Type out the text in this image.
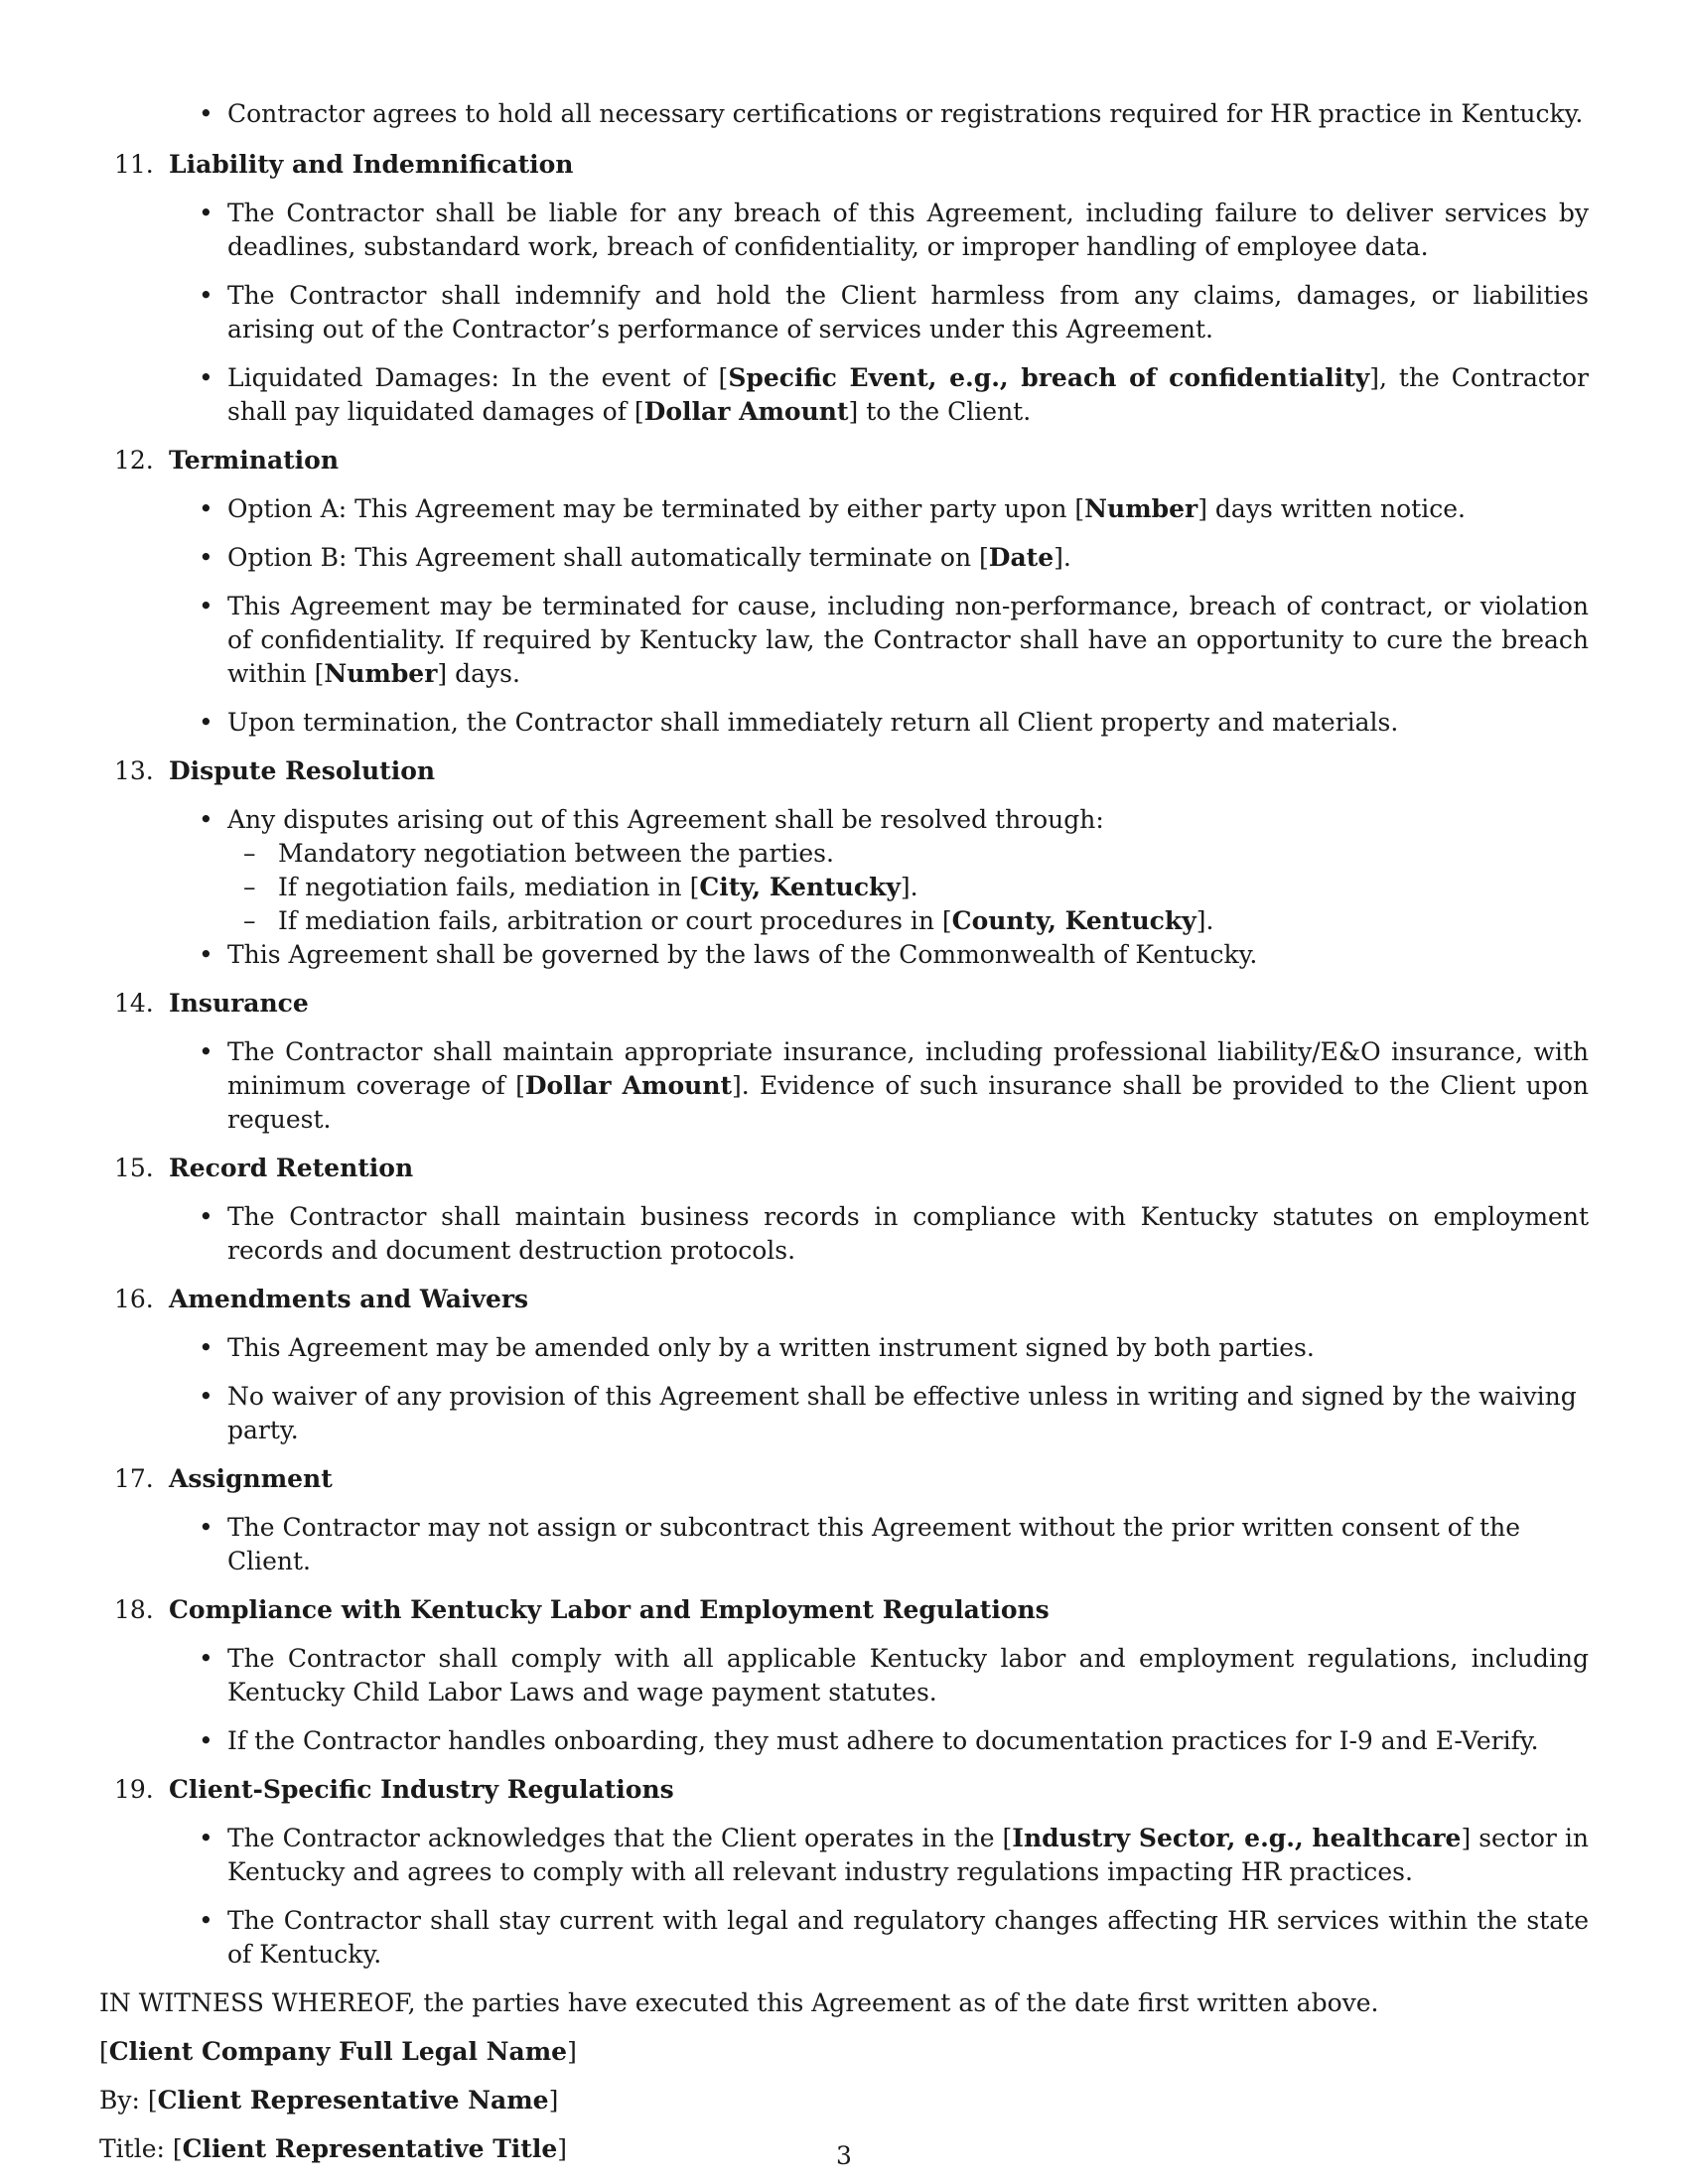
• Contractor agrees to hold all necessary certifications or registrations required for HR practice in Kentucky.

11. Liability and Indemnification

• The Contractor shall be liable for any breach of this Agreement, including failure to deliver services by deadlines, substandard work, breach of confidentiality, or improper handling of employee data.

• The Contractor shall indemnify and hold the Client harmless from any claims, damages, or liabilities arising out of the Contractor’s performance of services under this Agreement.

• Liquidated Damages: In the event of [Specific Event, e.g., breach of confidentiality], the Contractor shall pay liquidated damages of [Dollar Amount] to the Client.

12. Termination

• Option A: This Agreement may be terminated by either party upon [Number] days written notice.

• Option B: This Agreement shall automatically terminate on [Date].

• This Agreement may be terminated for cause, including non-performance, breach of contract, or violation of confidentiality. If required by Kentucky law, the Contractor shall have an opportunity to cure the breach within [Number] days.

• Upon termination, the Contractor shall immediately return all Client property and materials.

13. Dispute Resolution

• Any disputes arising out of this Agreement shall be resolved through:

– Mandatory negotiation between the parties.

– If negotiation fails, mediation in [City, Kentucky].

– If mediation fails, arbitration or court procedures in [County, Kentucky].

• This Agreement shall be governed by the laws of the Commonwealth of Kentucky.

14. Insurance

• The Contractor shall maintain appropriate insurance, including professional liability/E&O insurance, with minimum coverage of [Dollar Amount]. Evidence of such insurance shall be provided to the Client upon request.

15. Record Retention

• The Contractor shall maintain business records in compliance with Kentucky statutes on employment records and document destruction protocols.

16. Amendments and Waivers

• This Agreement may be amended only by a written instrument signed by both parties.

• No waiver of any provision of this Agreement shall be effective unless in writing and signed by the waiving party.

17. Assignment

• The Contractor may not assign or subcontract this Agreement without the prior written consent of the Client.

18. Compliance with Kentucky Labor and Employment Regulations

• The Contractor shall comply with all applicable Kentucky labor and employment regulations, including Kentucky Child Labor Laws and wage payment statutes.

• If the Contractor handles onboarding, they must adhere to documentation practices for I-9 and E-Verify.

19. Client-Specific Industry Regulations

• The Contractor acknowledges that the Client operates in the [Industry Sector, e.g., healthcare] sector in Kentucky and agrees to comply with all relevant industry regulations impacting HR practices.

• The Contractor shall stay current with legal and regulatory changes affecting HR services within the state of Kentucky.

IN WITNESS WHEREOF, the parties have executed this Agreement as of the date first written above.

[Client Company Full Legal Name]

By: [Client Representative Name]

Title: [Client Representative Title]	3
